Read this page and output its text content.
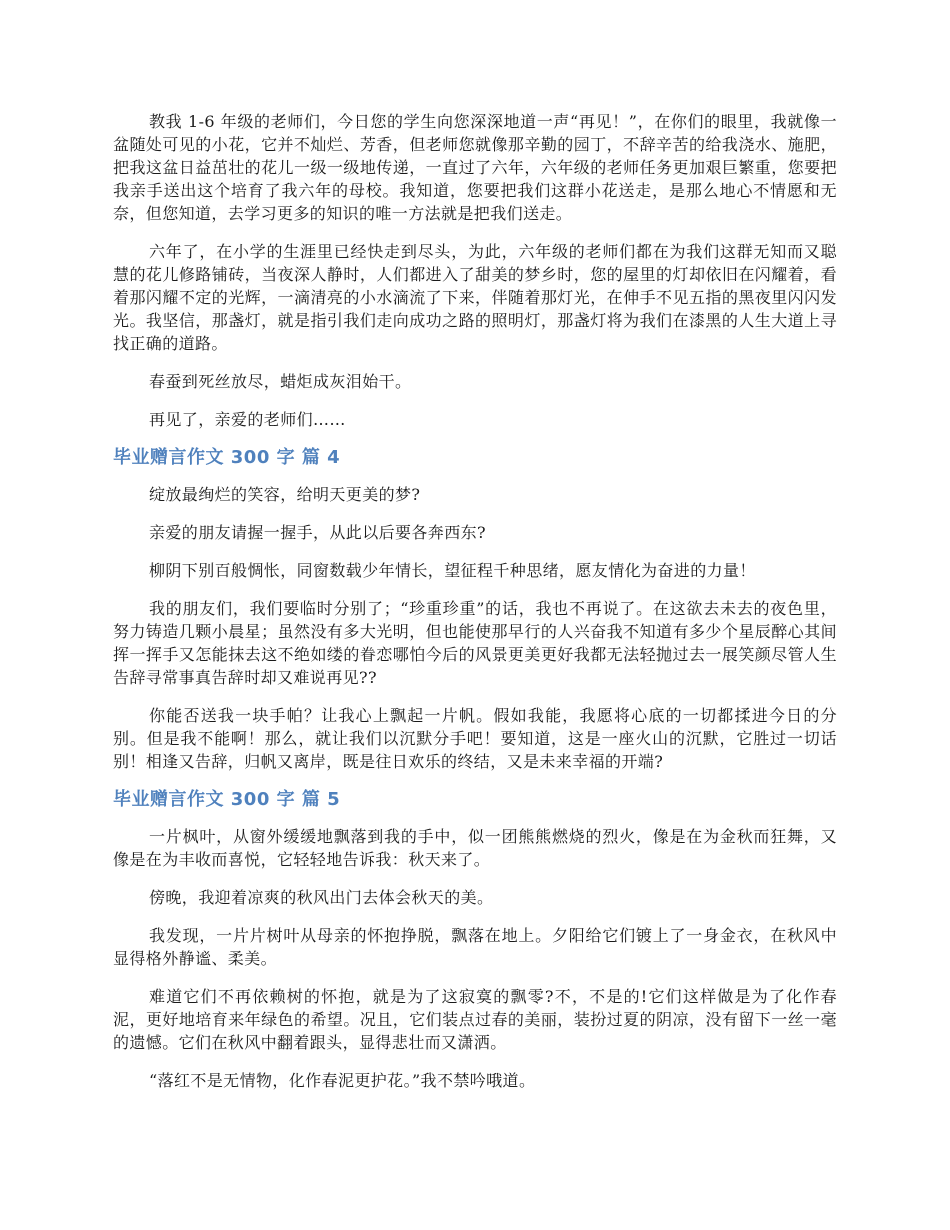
教我 1-6 年级的老师们，今日您的学生向您深深地道一声“再见！”，在你们的眼里，我就像一盆随处可见的小花，它并不灿烂、芳香，但老师您就像那辛勤的园丁，不辞辛苦的给我浇水、施肥，把我这盆日益茁壮的花儿一级一级地传递，一直过了六年，六年级的老师任务更加艰巨繁重，您要把我亲手送出这个培育了我六年的母校。我知道，您要把我们这群小花送走，是那么地心不情愿和无奈，但您知道，去学习更多的知识的唯一方法就是把我们送走。

六年了，在小学的生涯里已经快走到尽头，为此，六年级的老师们都在为我们这群无知而又聪慧的花儿修路铺砖，当夜深人静时，人们都进入了甜美的梦乡时，您的屋里的灯却依旧在闪耀着，看着那闪耀不定的光辉，一滴清亮的小水滴流了下来，伴随着那灯光，在伸手不见五指的黑夜里闪闪发光。我坚信，那盏灯，就是指引我们走向成功之路的照明灯，那盏灯将为我们在漆黑的人生大道上寻找正确的道路。

春蚕到死丝放尽，蜡炬成灰泪始干。

再见了，亲爱的老师们……

毕业赠言作文 300 字 篇 4

绽放最绚烂的笑容，给明天更美的梦?

亲爱的朋友请握一握手，从此以后要各奔西东?

柳阴下别百般惆怅，同窗数载少年情长，望征程千种思绪，愿友情化为奋进的力量！

我的朋友们，我们要临时分别了；“珍重珍重”的话，我也不再说了。在这欲去未去的夜色里，努力铸造几颗小晨星；虽然没有多大光明，但也能使那早行的人兴奋我不知道有多少个星辰醉心其间挥一挥手又怎能抹去这不绝如缕的眷恋哪怕今后的风景更美更好我都无法轻抛过去一展笑颜尽管人生告辞寻常事真告辞时却又难说再见??

你能否送我一块手帕？让我心上飘起一片帆。假如我能，我愿将心底的一切都揉进今日的分别。但是我不能啊！那么，就让我们以沉默分手吧！要知道，这是一座火山的沉默，它胜过一切话别！相逢又告辞，归帆又离岸，既是往日欢乐的终结，又是未来幸福的开端?

毕业赠言作文 300 字 篇 5

一片枫叶，从窗外缓缓地飘落到我的手中，似一团熊熊燃烧的烈火，像是在为金秋而狂舞，又像是在为丰收而喜悦，它轻轻地告诉我：秋天来了。

傍晚，我迎着凉爽的秋风出门去体会秋天的美。

我发现，一片片树叶从母亲的怀抱挣脱，飘落在地上。夕阳给它们镀上了一身金衣，在秋风中显得格外静谧、柔美。

难道它们不再依赖树的怀抱，就是为了这寂寞的飘零?不，不是的!它们这样做是为了化作春泥，更好地培育来年绿色的希望。况且，它们装点过春的美丽，装扮过夏的阴凉，没有留下一丝一毫的遗憾。它们在秋风中翻着跟头，显得悲壮而又潇洒。

“落红不是无情物，化作春泥更护花。”我不禁吟哦道。
